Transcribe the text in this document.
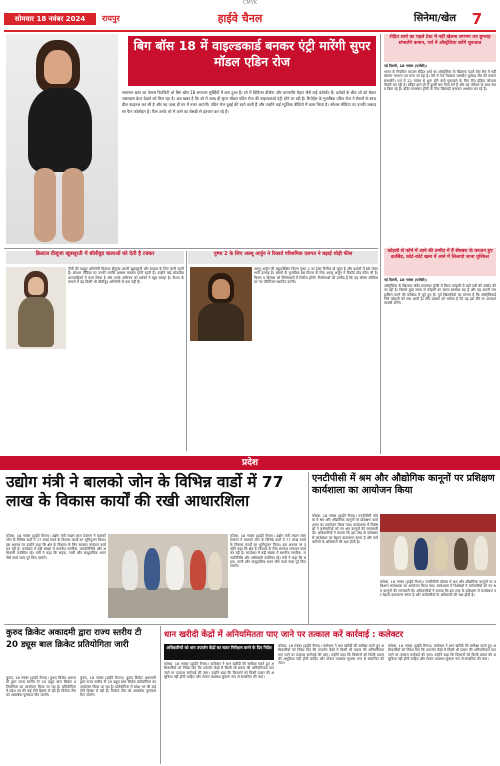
CMYK
सोमवार 18 नवंबर 2024	रायपुर	हाईवे चैनल	सिनेमा/खेल	7
बिग बॉस 18 में वाइल्डकार्ड बनकर एंट्री मारेंगी सुपर मॉडल एडिन रोज
सलमान खान का फेमस रियलिटी शो बिग बॉस 18 लगातार सुर्खियों में बना हुआ है। शो में विवियन डीसेना और करणवीर मेहरा जैसे कई कंटेस्टेंट हैं। दर्शकों के बीच शो को लेकर जबरदस्त क्रेज देखने को मिल रहा है। अब खबर है कि शो में जल्द ही सुपर मॉडल एडिन रोज की वाइल्डकार्ड एंट्री होने जा रही है। रिपोर्ट्स के मुताबिक एडिन रोज ने मेकर्स के साथ डील फाइनल कर ली है और वह जल्द ही घर में नजर आएंगी। एडिन रोज दुबई की रहने वाली हैं और उन्होंने कई म्यूजिक वीडियो में काम किया है। सोशल मीडिया पर उनकी जबरदस्त फैन फॉलोइंग है। फैंस उनके शो में आने का बेसब्री से इंतजार कर रहे हैं।
रोहित शर्मा का पहले टेस्ट में नहीं खेलना लगभग तय बुमराह संभालेंगे कमान, पर्थ में ऑस्ट्रेलिया करेंगे शुरुआत
नई दिल्ली, 18 नवंबर (एजेंसी)।
भारत के नियमित कप्तान रोहित शर्मा का ऑस्ट्रेलिया के खिलाफ पहले टेस्ट मैच में नहीं खेलना लगभग तय माना जा रहा है। ऐसे में तेज गेंदबाज जसप्रीत बुमराह टीम की कमान संभालेंगे। पर्थ में 22 नवंबर से शुरू होने वाले मुकाबले के लिए टीम इंडिया जोरदार तैयारी कर रही है। रोहित हाल ही में दूसरी बार पिता बने हैं और वह परिवार के साथ समय बिता रहे हैं। बॉर्डर-गावस्कर ट्रॉफी के लिए खिलाड़ी लगातार अभ्यास कर रहे हैं।
कोहली से फॉर्म में आने की उम्मीद में हैं सेंसबरा के कप्तान हुए क्रासिंड, कोर्ट-कोर्ट खत्म में आने में लिलायो जाना मुश्किल
नई दिल्ली, 18 नवंबर (एजेंसी)।
ऑस्ट्रेलिया के खिलाफ बॉर्डर-गावस्कर ट्रॉफी में विराट कोहली से बड़ी पारी की उम्मीद की जा रही है। पिछले कुछ समय से कोहली का बल्ला खामोश रहा है और वह अपनी लय हासिल करने की कोशिश में जुटे हुए हैं। पूर्व खिलाड़ियों का मानना है कि ऑस्ट्रेलियाई पिचें कोहली को रास आती हैं। टीम प्रबंधन को भरोसा है कि वह इस दौरे पर शानदार वापसी करेंगे।
क्रिस्टल डीसूजा खूबसूरती में बॉलीवुड बालाओं को देती है टक्कर
टीवी की मशहूर अभिनेत्री क्रिस्टल डीसूजा अपनी खूबसूरती और स्टाइल के लिए जानी जाती हैं। सोशल मीडिया पर उनकी तस्वीरें अक्सर वायरल होती रहती हैं। उन्होंने कई लोकप्रिय धारावाहिकों में काम किया है और उनके अभिनय को दर्शकों ने खूब सराहा है। फैशन के मामले में वह किसी भी बॉलीवुड अभिनेत्री से कम नहीं हैं।
पुष्पा 2 के लिए अल्लू अर्जुन ने रिकार्ड परिश्रमिक दलगत ने बढ़ाई थोड़ी फीस
अल्लू अर्जुन की बहुप्रतीक्षित फिल्म पुष्पा 2 का ट्रेलर रिलीज हो चुका है और दर्शकों में इसे लेकर भारी उत्साह है। खबरों के मुताबिक इस फिल्म के लिए अल्लू अर्जुन ने रिकॉर्ड तोड़ फीस ली है। फिल्म 5 दिसंबर को सिनेमाघरों में रिलीज होगी। निर्माताओं को उम्मीद है कि यह बॉक्स ऑफिस पर नए कीर्तिमान स्थापित करेगी।
प्रदेश
उद्योग मंत्री ने बालको जोन के विभिन्न वार्डो में 77 लाख के विकास कार्यों की रखी आधारशिला
कोरबा, 18 नवंबर (हाईवे चैनल)। उद्योग मंत्री लखन लाल देवांगन ने बालको जोन के विभिन्न वार्डों में 77 लाख रुपये के विकास कार्यों का भूमिपूजन किया। इस अवसर पर उन्होंने कहा कि क्षेत्र के विकास के लिए सरकार लगातार कार्य कर रही है। कार्यक्रम में बड़ी संख्या में स्थानीय नागरिक, जनप्रतिनिधि और अधिकारी उपस्थित रहे। मंत्री ने कहा कि सड़क, नाली और सामुदायिक भवन जैसे कार्य जल्द पूरे किए जाएंगे।
कोरबा, 18 नवंबर (हाईवे चैनल)। उद्योग मंत्री लखन लाल देवांगन ने बालको जोन के विभिन्न वार्डों में 77 लाख रुपये के विकास कार्यों का भूमिपूजन किया। इस अवसर पर उन्होंने कहा कि क्षेत्र के विकास के लिए सरकार लगातार कार्य कर रही है। कार्यक्रम में बड़ी संख्या में स्थानीय नागरिक, जनप्रतिनिधि और अधिकारी उपस्थित रहे। मंत्री ने कहा कि सड़क, नाली और सामुदायिक भवन जैसे कार्य जल्द पूरे किए जाएंगे।
एनटीपीसी में श्रम और औद्योगिक कानूनों पर प्रशिक्षण कार्यशाला का आयोजन किया
कोरबा, 18 नवंबर (हाईवे चैनल)। एनटीपीसी कोरबा में श्रम और औद्योगिक कानूनों पर प्रशिक्षण कार्यशाला का आयोजन किया गया। कार्यशाला में विशेषज्ञों ने कर्मचारियों को नए श्रम कानूनों की जानकारी दी। अधिकारियों ने बताया कि इस तरह के प्रशिक्षण से कार्यस्थल पर बेहतर वातावरण बनता है और कर्मचारियों के अधिकारों की रक्षा होती है।
कोरबा, 18 नवंबर (हाईवे चैनल)। एनटीपीसी कोरबा में श्रम और औद्योगिक कानूनों पर प्रशिक्षण कार्यशाला का आयोजन किया गया। कार्यशाला में विशेषज्ञों ने कर्मचारियों को नए श्रम कानूनों की जानकारी दी। अधिकारियों ने बताया कि इस तरह के प्रशिक्षण से कार्यस्थल पर बेहतर वातावरण बनता है और कर्मचारियों के अधिकारों की रक्षा होती है।
कुरुद क्रिकेट अकादमी द्वारा राज्य स्तरीय टी 20 ड्यूस बाल क्रिकेट प्रतियोगिता जारी
कुरुद, 18 नवंबर (हाईवे चैनल)। कुरुद क्रिकेट अकादमी द्वारा राज्य स्तरीय टी 20 ड्यूस बाल क्रिकेट प्रतियोगिता का आयोजन किया जा रहा है। प्रतियोगिता में प्रदेश भर की कई टीमें हिस्सा ले रही हैं। विजेता टीम को आकर्षक पुरस्कार दिए जाएंगे।
कुरुद, 18 नवंबर (हाईवे चैनल)। कुरुद क्रिकेट अकादमी द्वारा राज्य स्तरीय टी 20 ड्यूस बाल क्रिकेट प्रतियोगिता का आयोजन किया जा रहा है। प्रतियोगिता में प्रदेश भर की कई टीमें हिस्सा ले रही हैं। विजेता टीम को आकर्षक पुरस्कार दिए जाएंगे।
धान खरीदी केंद्रों में अनियमितता पाए जाने पर तत्काल करें कार्रवाई : कलेक्टर
अधिकारियों को धान उपार्जन केंद्रों का सतत निरीक्षण करने के दिए निर्देश
कोरबा, 18 नवंबर (हाईवे चैनल)। कलेक्टर ने धान खरीदी की समीक्षा करते हुए अधिकारियों को निर्देश दिए कि उपार्जन केंद्रों में किसी भी प्रकार की अनियमितता पाए जाने पर तत्काल कार्रवाई की जाए। उन्होंने कहा कि किसानों को किसी प्रकार की असुविधा नहीं होनी चाहिए और टोकन व्यवस्था सुचारू रूप से संचालित की जाए।
कोरबा, 18 नवंबर (हाईवे चैनल)। कलेक्टर ने धान खरीदी की समीक्षा करते हुए अधिकारियों को निर्देश दिए कि उपार्जन केंद्रों में किसी भी प्रकार की अनियमितता पाए जाने पर तत्काल कार्रवाई की जाए। उन्होंने कहा कि किसानों को किसी प्रकार की असुविधा नहीं होनी चाहिए और टोकन व्यवस्था सुचारू रूप से संचालित की जाए।
कोरबा, 18 नवंबर (हाईवे चैनल)। कलेक्टर ने धान खरीदी की समीक्षा करते हुए अधिकारियों को निर्देश दिए कि उपार्जन केंद्रों में किसी भी प्रकार की अनियमितता पाए जाने पर तत्काल कार्रवाई की जाए। उन्होंने कहा कि किसानों को किसी प्रकार की असुविधा नहीं होनी चाहिए और टोकन व्यवस्था सुचारू रूप से संचालित की जाए।
